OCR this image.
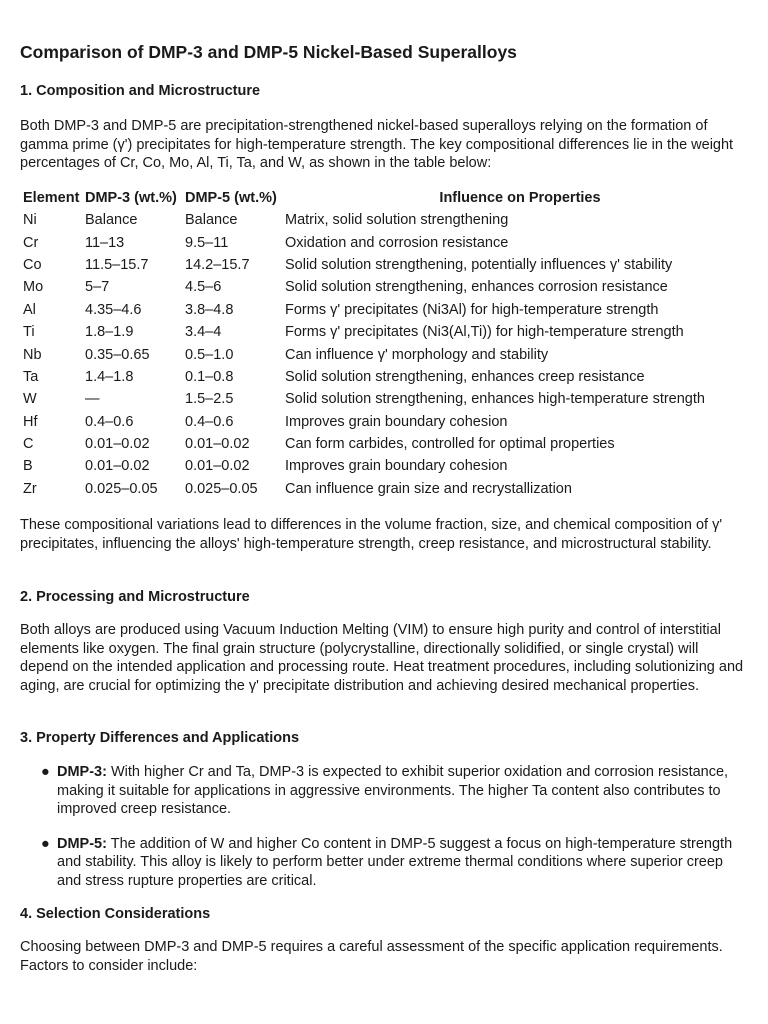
Comparison of DMP-3 and DMP-5 Nickel-Based Superalloys
1. Composition and Microstructure

Both DMP-3 and DMP-5 are precipitation-strengthened nickel-based superalloys relying on the formation of gamma prime (γ') precipitates for high-temperature strength. The key compositional differences lie in the weight percentages of Cr, Co, Mo, Al, Ti, Ta, and W, as shown in the table below:

Element	DMP-3 (wt.%)	DMP-5 (wt.%)	Influence on Properties
Ni	Balance	Balance	Matrix, solid solution strengthening
Cr	11–13	9.5–11	Oxidation and corrosion resistance
Co	11.5–15.7	14.2–15.7	Solid solution strengthening, potentially influences γ' stability
Mo	5–7	4.5–6	Solid solution strengthening, enhances corrosion resistance
Al	4.35–4.6	3.8–4.8	Forms γ' precipitates (Ni3Al) for high-temperature strength
Ti	1.8–1.9	3.4–4	Forms γ' precipitates (Ni3(Al,Ti)) for high-temperature strength
Nb	0.35–0.65	0.5–1.0	Can influence γ' morphology and stability
Ta	1.4–1.8	0.1–0.8	Solid solution strengthening, enhances creep resistance
W	—	1.5–2.5	Solid solution strengthening, enhances high-temperature strength
Hf	0.4–0.6	0.4–0.6	Improves grain boundary cohesion
C	0.01–0.02	0.01–0.02	Can form carbides, controlled for optimal properties
B	0.01–0.02	0.01–0.02	Improves grain boundary cohesion
Zr	0.025–0.05	0.025–0.05	Can influence grain size and recrystallization

These compositional variations lead to differences in the volume fraction, size, and chemical composition of γ' precipitates, influencing the alloys' high-temperature strength, creep resistance, and microstructural stability.

2. Processing and Microstructure

Both alloys are produced using Vacuum Induction Melting (VIM) to ensure high purity and control of interstitial elements like oxygen. The final grain structure (polycrystalline, directionally solidified, or single crystal) will depend on the intended application and processing route. Heat treatment procedures, including solutionizing and aging, are crucial for optimizing the γ' precipitate distribution and achieving desired mechanical properties.

3. Property Differences and Applications
● DMP-3: With higher Cr and Ta, DMP-3 is expected to exhibit superior oxidation and corrosion resistance, making it suitable for applications in aggressive environments. The higher Ta content also contributes to improved creep resistance.
● DMP-5: The addition of W and higher Co content in DMP-5 suggest a focus on high-temperature strength and stability. This alloy is likely to perform better under extreme thermal conditions where superior creep and stress rupture properties are critical.
4. Selection Considerations

Choosing between DMP-3 and DMP-5 requires a careful assessment of the specific application requirements. Factors to consider include:
